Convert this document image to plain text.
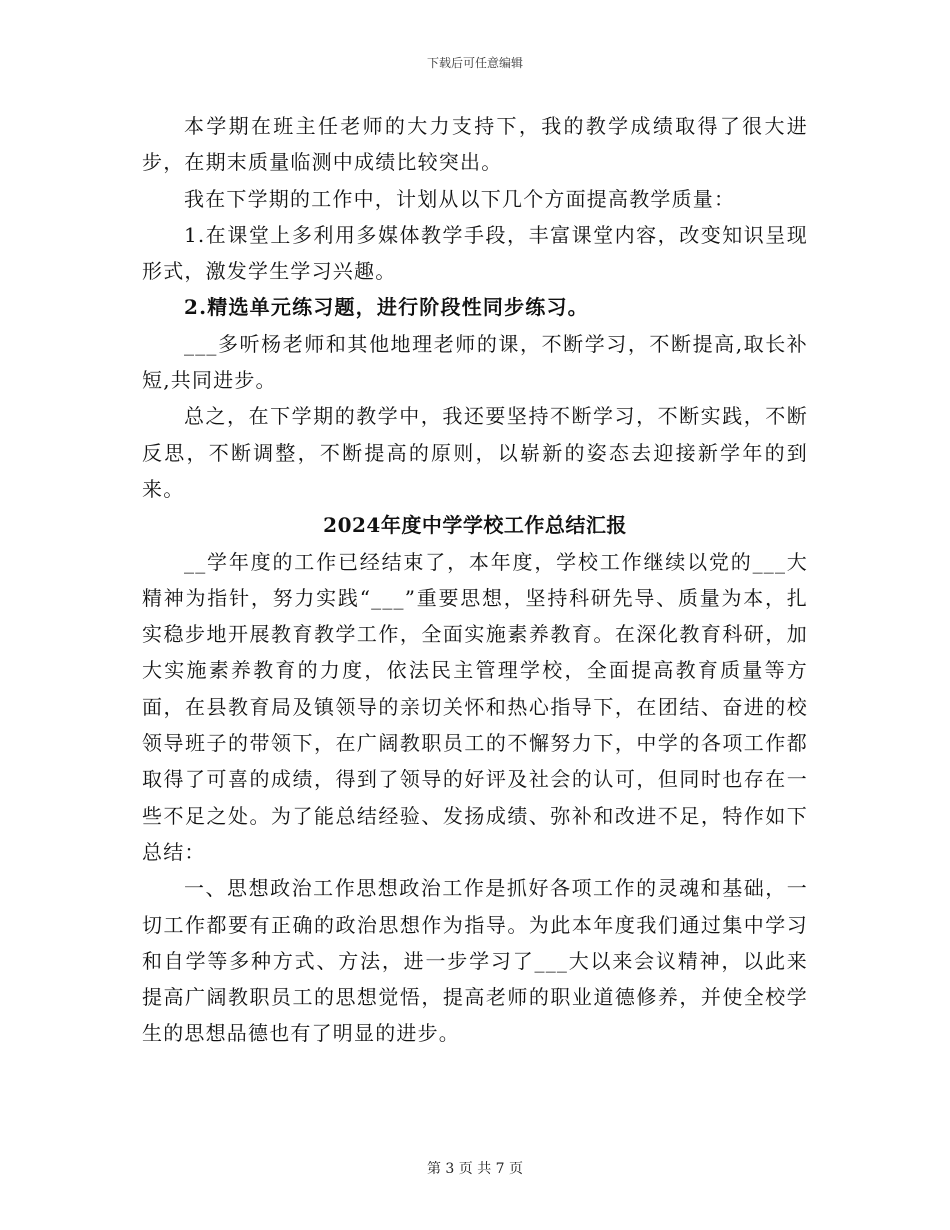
下载后可任意编辑

本学期在班主任老师的大力支持下，我的教学成绩取得了很大进步，在期末质量临测中成绩比较突出。

我在下学期的工作中，计划从以下几个方面提高教学质量：

1.在课堂上多利用多媒体教学手段，丰富课堂内容，改变知识呈现形式，激发学生学习兴趣。

2.精选单元练习题，进行阶段性同步练习。

___多听杨老师和其他地理老师的课，不断学习，不断提高,取长补短,共同进步。

总之，在下学期的教学中，我还要坚持不断学习，不断实践，不断反思，不断调整，不断提高的原则，以崭新的姿态去迎接新学年的到来。

2024年度中学学校工作总结汇报

__学年度的工作已经结束了，本年度，学校工作继续以党的___大精神为指针，努力实践“___”重要思想，坚持科研先导、质量为本，扎实稳步地开展教育教学工作，全面实施素养教育。在深化教育科研，加大实施素养教育的力度，依法民主管理学校，全面提高教育质量等方面，在县教育局及镇领导的亲切关怀和热心指导下，在团结、奋进的校领导班子的带领下，在广阔教职员工的不懈努力下，中学的各项工作都取得了可喜的成绩，得到了领导的好评及社会的认可，但同时也存在一些不足之处。为了能总结经验、发扬成绩、弥补和改进不足，特作如下总结：

一、思想政治工作思想政治工作是抓好各项工作的灵魂和基础，一切工作都要有正确的政治思想作为指导。为此本年度我们通过集中学习和自学等多种方式、方法，进一步学习了___大以来会议精神，以此来提高广阔教职员工的思想觉悟，提高老师的职业道德修养，并使全校学生的思想品德也有了明显的进步。

第 3 页 共 7 页
